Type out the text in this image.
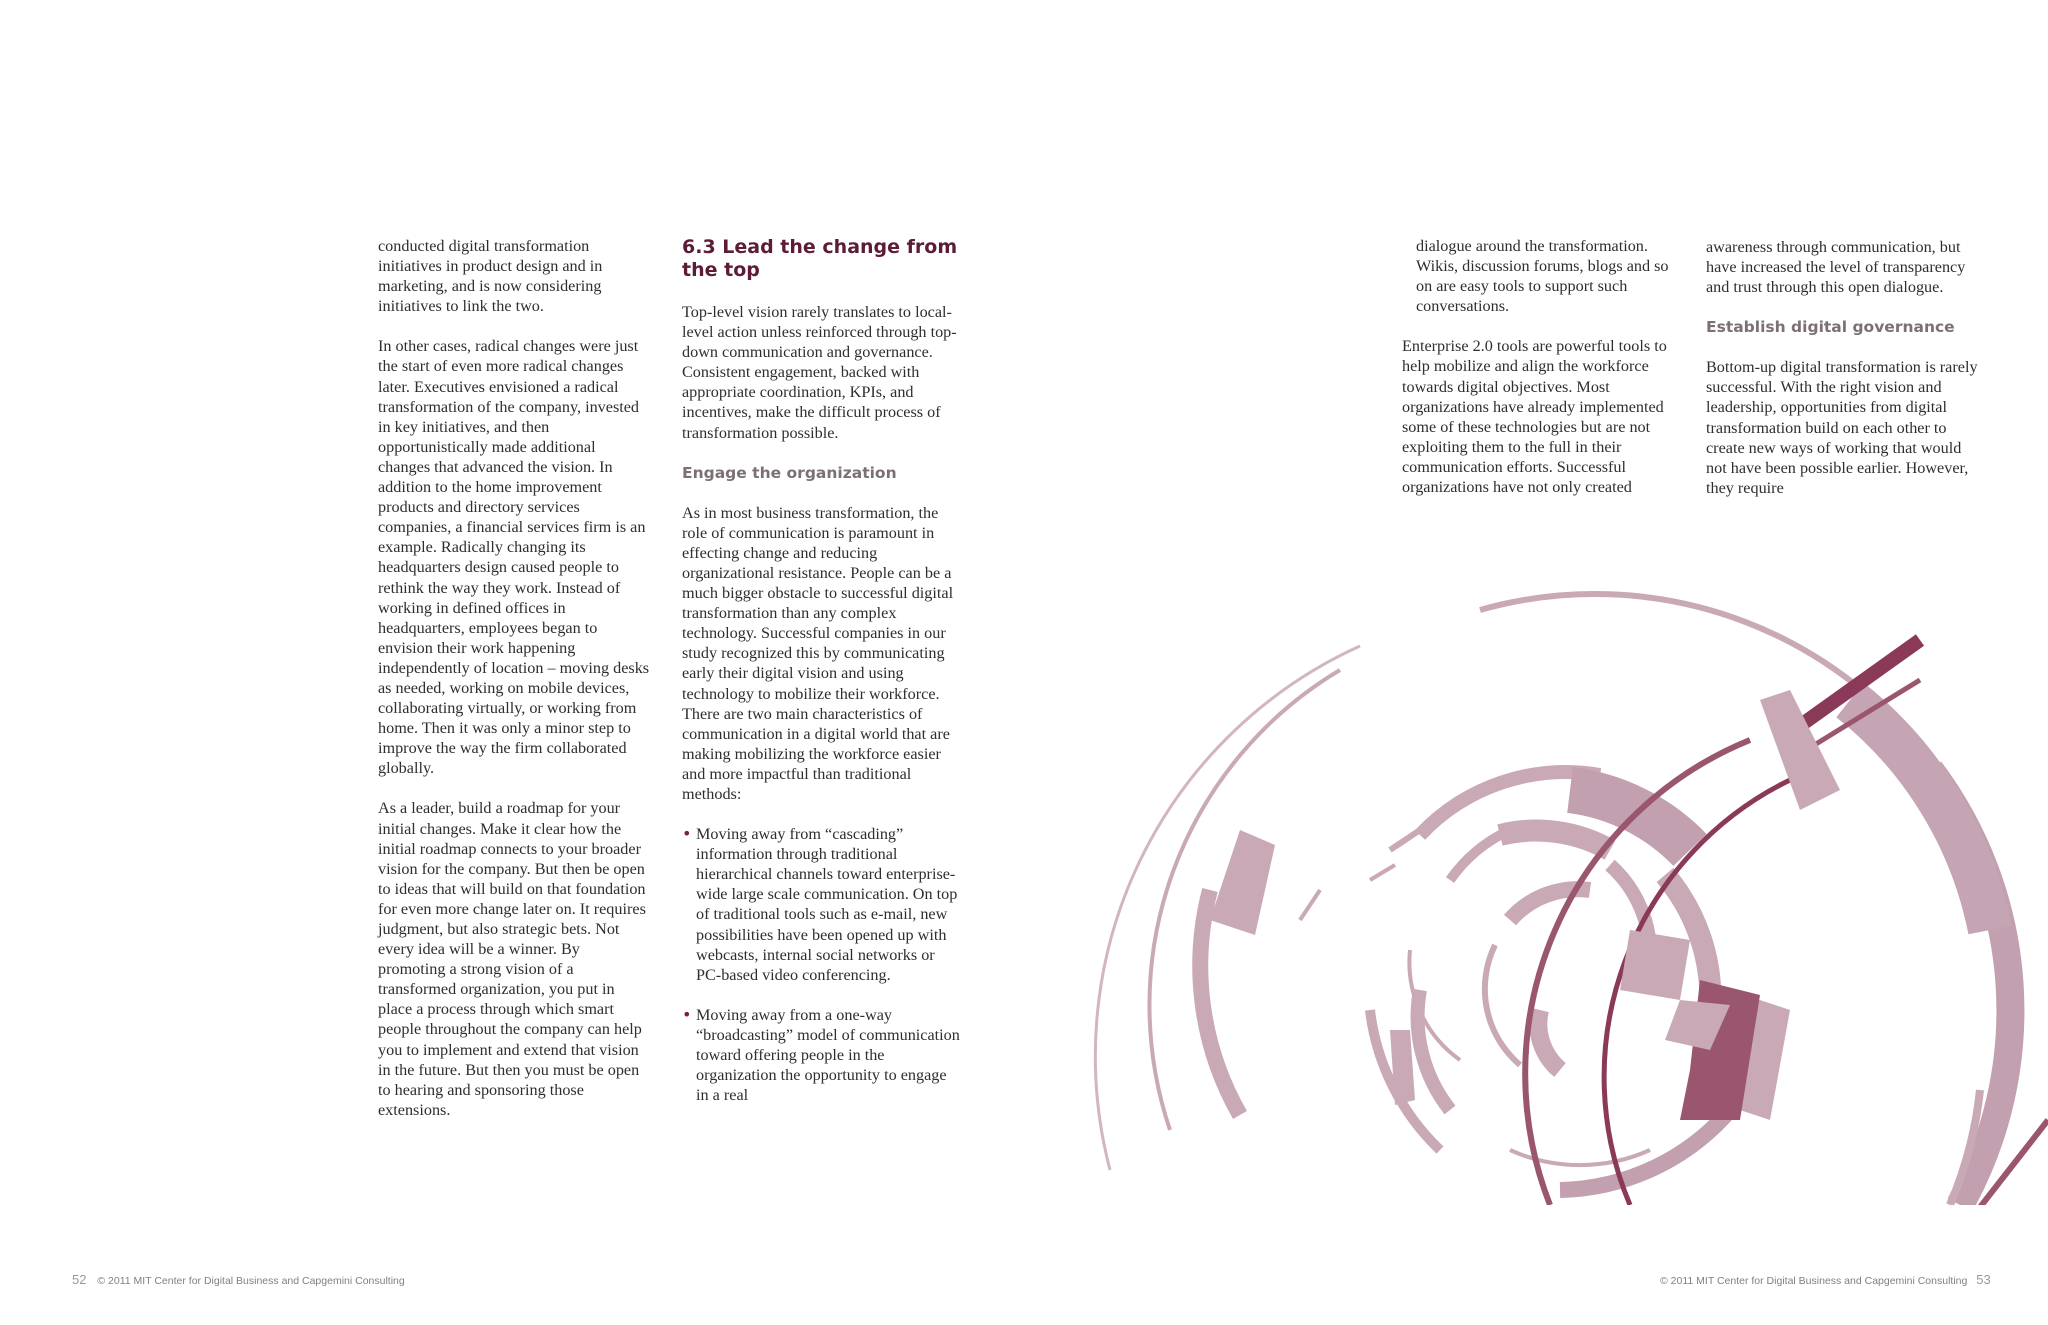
conducted digital transformation initiatives in product design and in marketing, and is now considering initiatives to link the two.

In other cases, radical changes were just the start of even more radical changes later. Executives envisioned a radical transformation of the company, invested in key initiatives, and then opportunistically made additional changes that advanced the vision. In addition to the home improvement products and directory services companies, a financial services firm is an example. Radically changing its headquarters design caused people to rethink the way they work. Instead of working in defined offices in headquarters, employees began to envision their work happening independently of location – moving desks as needed, working on mobile devices, collaborating virtually, or working from home. Then it was only a minor step to improve the way the firm collaborated globally.

As a leader, build a roadmap for your initial changes. Make it clear how the initial roadmap connects to your broader vision for the company. But then be open to ideas that will build on that foundation for even more change later on. It requires judgment, but also strategic bets. Not every idea will be a winner. By promoting a strong vision of a transformed organization, you put in place a process through which smart people throughout the company can help you to implement and extend that vision in the future. But then you must be open to hearing and sponsoring those extensions.

6.3 Lead the change from the top

Top-level vision rarely translates to local-level action unless reinforced through top-down communication and governance. Consistent engagement, backed with appropriate coordination, KPIs, and incentives, make the difficult process of transformation possible.

Engage the organization

As in most business transformation, the role of communication is paramount in effecting change and reducing organizational resistance. People can be a much bigger obstacle to successful digital transformation than any complex technology. Successful companies in our study recognized this by communicating early their digital vision and using technology to mobilize their workforce. There are two main characteristics of communication in a digital world that are making mobilizing the workforce easier and more impactful than traditional methods:

• Moving away from “cascading” information through traditional hierarchical channels toward enterprise-wide large scale communication. On top of traditional tools such as e-mail, new possibilities have been opened up with webcasts, internal social networks or PC-based video conferencing.
• Moving away from a one-way “broadcasting” model of communication toward offering people in the organization the opportunity to engage in a real

dialogue around the transformation. Wikis, discussion forums, blogs and so on are easy tools to support such conversations.

Enterprise 2.0 tools are powerful tools to help mobilize and align the workforce towards digital objectives. Most organizations have already implemented some of these technologies but are not exploiting them to the full in their communication efforts. Successful organizations have not only created

awareness through communication, but have increased the level of transparency and trust through this open dialogue.

Establish digital governance

Bottom-up digital transformation is rarely successful. With the right vision and leadership, opportunities from digital transformation build on each other to create new ways of working that would not have been possible earlier. However, they require

52 © 2011 MIT Center for Digital Business and Capgemini Consulting	© 2011 MIT Center for Digital Business and Capgemini Consulting 53
